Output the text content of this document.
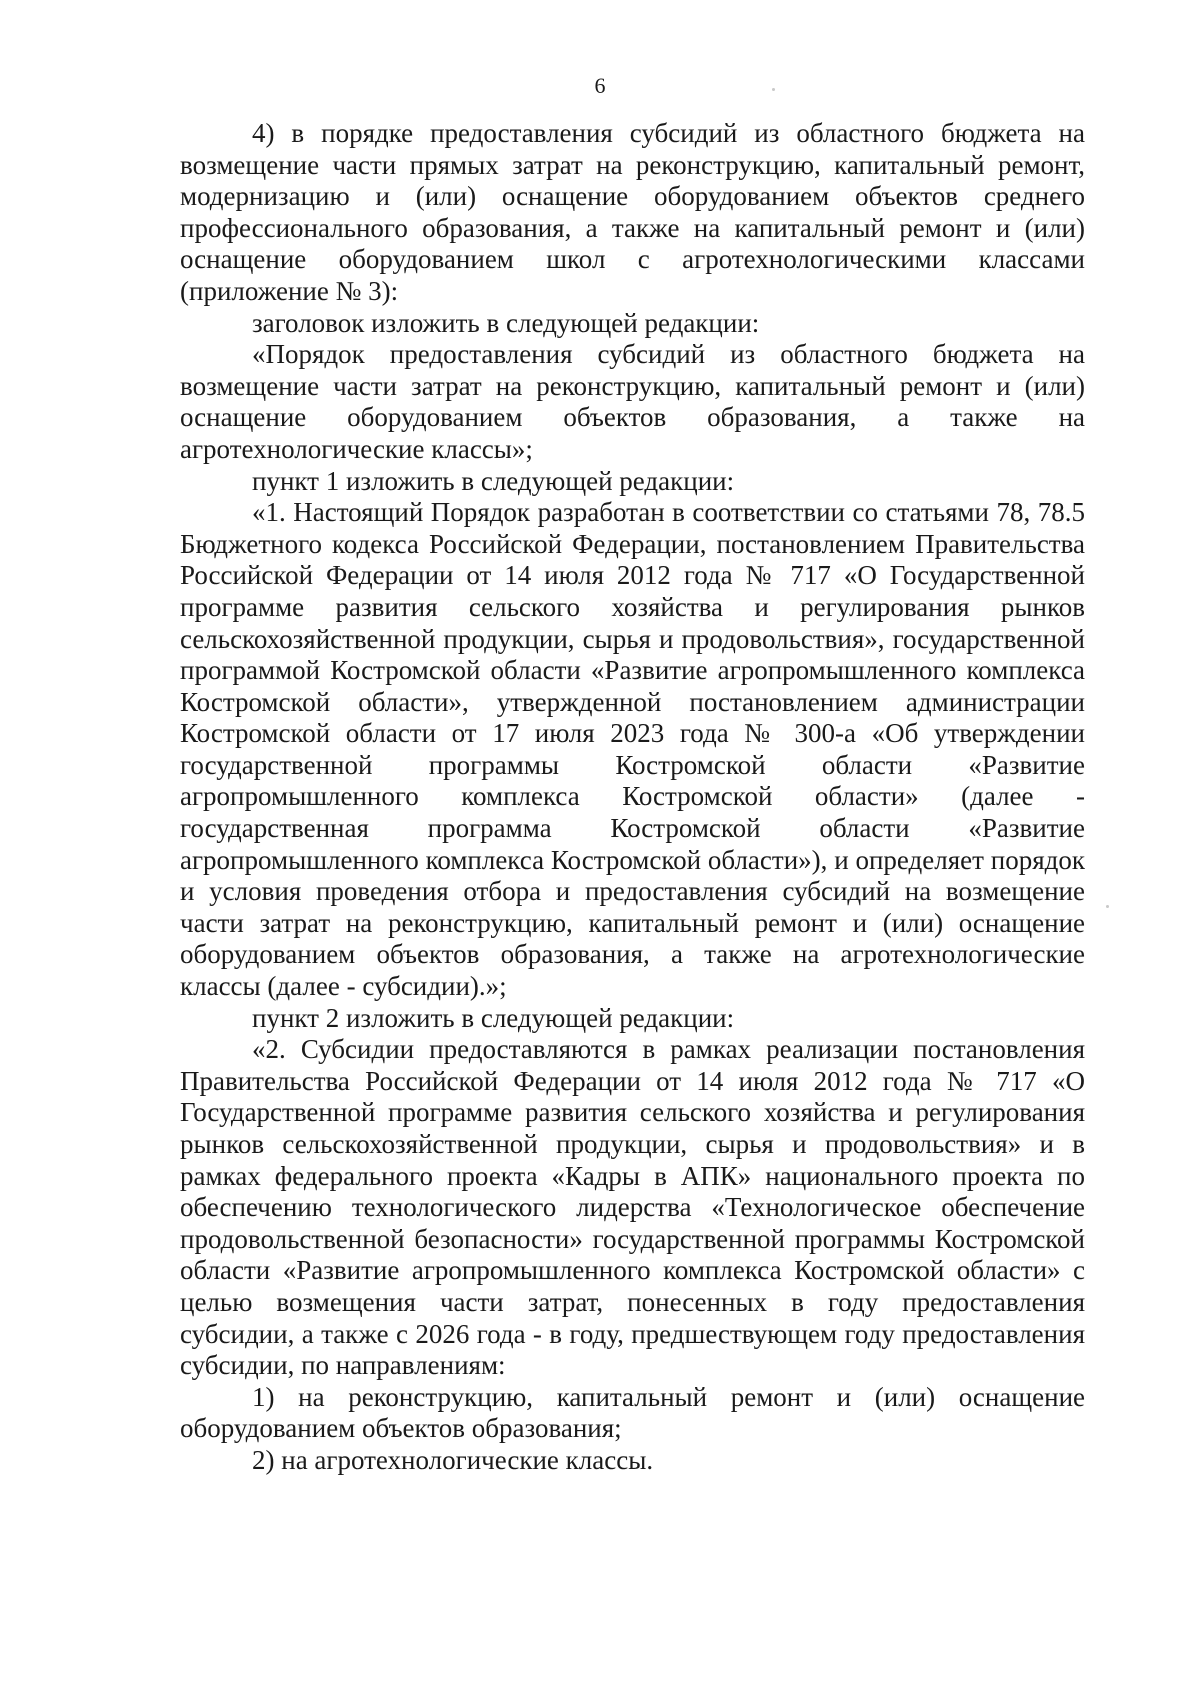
6

4) в порядке предоставления субсидий из областного бюджета на возмещение части прямых затрат на реконструкцию, капитальный ремонт, модернизацию и (или) оснащение оборудованием объектов среднего профессионального образования, а также на капитальный ремонт и (или) оснащение оборудованием школ с агротехнологическими классами (приложение № 3):

заголовок изложить в следующей редакции:

«Порядок предоставления субсидий из областного бюджета на возмещение части затрат на реконструкцию, капитальный ремонт и (или) оснащение оборудованием объектов образования, а также на агротехнологические классы»;

пункт 1 изложить в следующей редакции:

«1. Настоящий Порядок разработан в соответствии со статьями 78, 78.5 Бюджетного кодекса Российской Федерации, постановлением Правительства Российской Федерации от 14 июля 2012 года № 717 «О Государственной программе развития сельского хозяйства и регулирования рынков сельскохозяйственной продукции, сырья и продовольствия», государственной программой Костромской области «Развитие агропромышленного комплекса Костромской области», утвержденной постановлением администрации Костромской области от 17 июля 2023 года № 300-а «Об утверждении государственной программы Костромской области «Развитие агропромышленного комплекса Костромской области» (далее - государственная программа Костромской области «Развитие агропромышленного комплекса Костромской области»), и определяет порядок и условия проведения отбора и предоставления субсидий на возмещение части затрат на реконструкцию, капитальный ремонт и (или) оснащение оборудованием объектов образования, а также на агротехнологические классы (далее - субсидии).»;

пункт 2 изложить в следующей редакции:

«2. Субсидии предоставляются в рамках реализации постановления Правительства Российской Федерации от 14 июля 2012 года № 717 «О Государственной программе развития сельского хозяйства и регулирования рынков сельскохозяйственной продукции, сырья и продовольствия» и в рамках федерального проекта «Кадры в АПК» национального проекта по обеспечению технологического лидерства «Технологическое обеспечение продовольственной безопасности» государственной программы Костромской области «Развитие агропромышленного комплекса Костромской области» с целью возмещения части затрат, понесенных в году предоставления субсидии, а также с 2026 года - в году, предшествующем году предоставления субсидии, по направлениям:

1) на реконструкцию, капитальный ремонт и (или) оснащение оборудованием объектов образования;

2) на агротехнологические классы.
